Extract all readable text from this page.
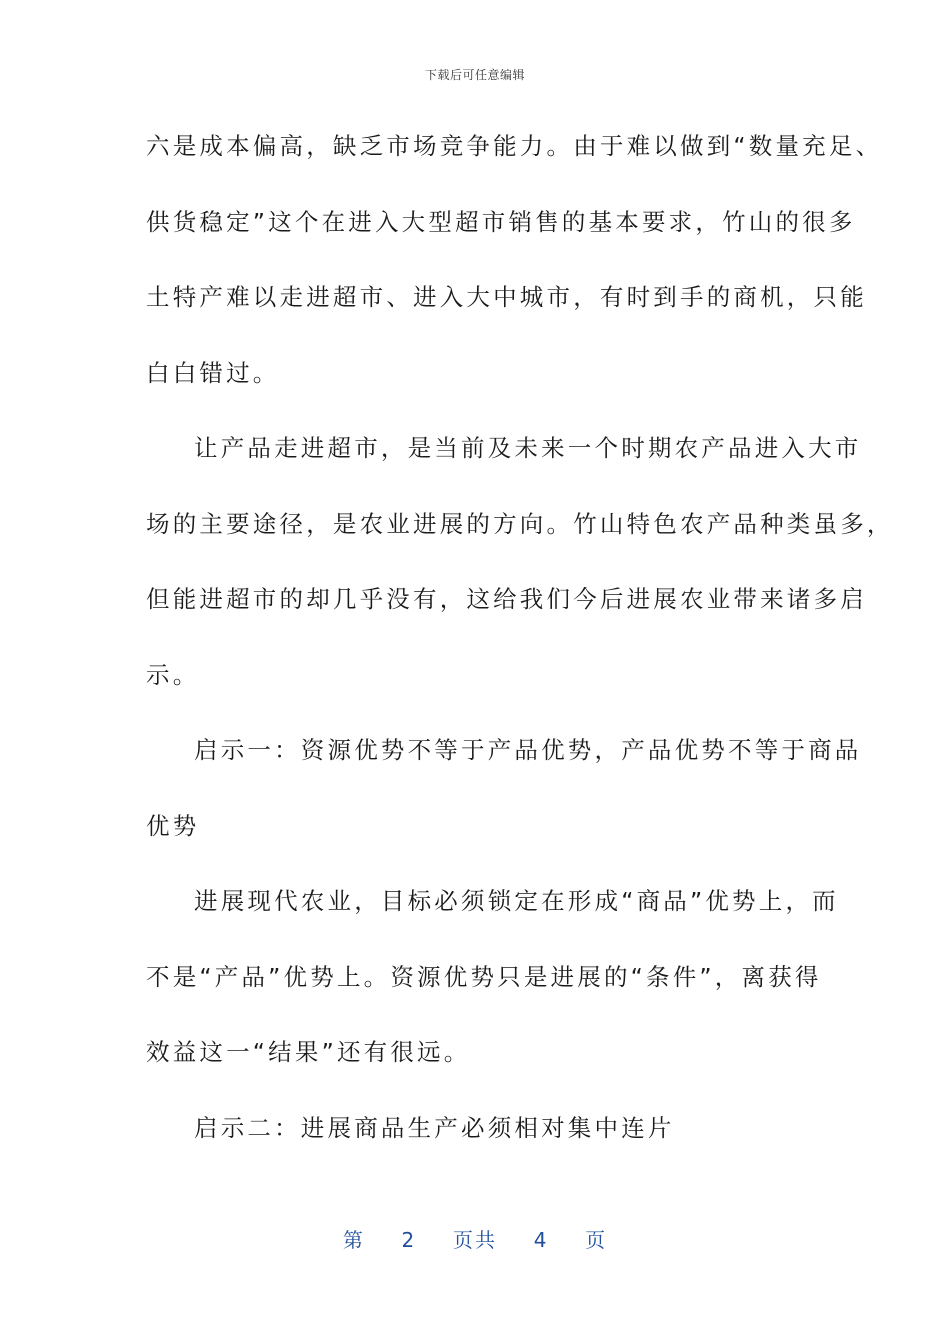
下载后可任意编辑
六是成本偏高，缺乏市场竞争能力。由于难以做到“数量充足、
供货稳定”这个在进入大型超市销售的基本要求，竹山的很多
土特产难以走进超市、进入大中城市，有时到手的商机，只能
白白错过。
让产品走进超市，是当前及未来一个时期农产品进入大市
场的主要途径，是农业进展的方向。竹山特色农产品种类虽多，
但能进超市的却几乎没有，这给我们今后进展农业带来诸多启
示。
启示一：资源优势不等于产品优势，产品优势不等于商品
优势
进展现代农业，目标必须锁定在形成“商品”优势上，而
不是“产品”优势上。资源优势只是进展的“条件”，离获得
效益这一“结果”还有很远。
启示二：进展商品生产必须相对集中连片
第 2 页共 4 页
